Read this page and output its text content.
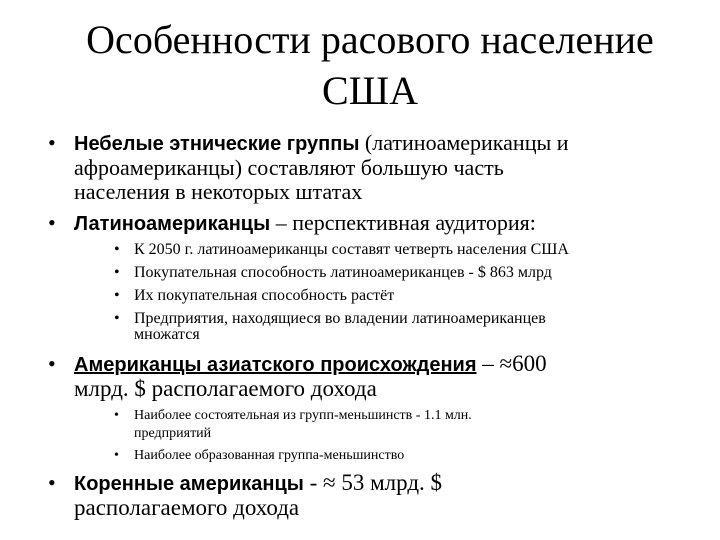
Особенности расового население
США
• Небелые этнические группы (латиноамериканцы и
афроамериканцы) составляют большую часть
населения в некоторых штатах
• Латиноамериканцы – перспективная аудитория:
• К 2050 г. латиноамериканцы составят четверть населения США
• Покупательная способность латиноамериканцев - $ 863 млрд
• Их покупательная способность растёт
• Предприятия, находящиеся во владении латиноамериканцев
множатся
• Американцы азиатского происхождения – ≈600
млрд. $ располагаемого дохода
• Наиболее состоятельная из групп-меньшинств - 1.1 млн.
предприятий
• Наиболее образованная группа-меньшинство
• Коренные американцы - ≈ 53 млрд. $
располагаемого дохода
